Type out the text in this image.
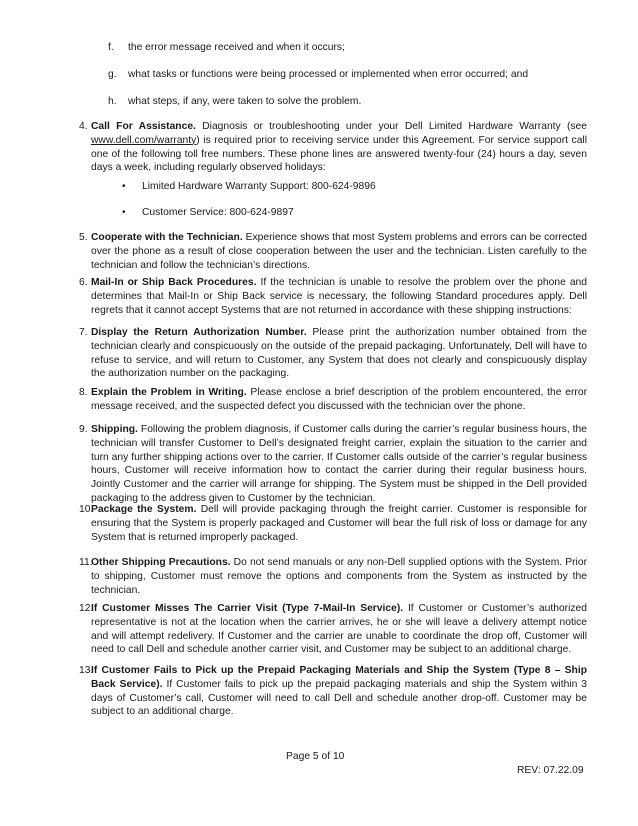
f. the error message received and when it occurs;
g. what tasks or functions were being processed or implemented when error occurred; and
h. what steps, if any, were taken to solve the problem.
4. Call For Assistance. Diagnosis or troubleshooting under your Dell Limited Hardware Warranty (see www.dell.com/warranty) is required prior to receiving service under this Agreement. For service support call one of the following toll free numbers. These phone lines are answered twenty-four (24) hours a day, seven days a week, including regularly observed holidays:
• Limited Hardware Warranty Support: 800-624-9896
• Customer Service: 800-624-9897
5. Cooperate with the Technician. Experience shows that most System problems and errors can be corrected over the phone as a result of close cooperation between the user and the technician. Listen carefully to the technician and follow the technician’s directions.
6. Mail-In or Ship Back Procedures. If the technician is unable to resolve the problem over the phone and determines that Mail-In or Ship Back service is necessary, the following Standard procedures apply. Dell regrets that it cannot accept Systems that are not returned in accordance with these shipping instructions:
7. Display the Return Authorization Number. Please print the authorization number obtained from the technician clearly and conspicuously on the outside of the prepaid packaging. Unfortunately, Dell will have to refuse to service, and will return to Customer, any System that does not clearly and conspicuously display the authorization number on the packaging.
8. Explain the Problem in Writing. Please enclose a brief description of the problem encountered, the error message received, and the suspected defect you discussed with the technician over the phone.
9. Shipping. Following the problem diagnosis, if Customer calls during the carrier’s regular business hours, the technician will transfer Customer to Dell’s designated freight carrier, explain the situation to the carrier and turn any further shipping actions over to the carrier. If Customer calls outside of the carrier’s regular business hours, Customer will receive information how to contact the carrier during their regular business hours. Jointly Customer and the carrier will arrange for shipping. The System must be shipped in the Dell provided packaging to the address given to Customer by the technician.
10.
Package the System. Dell will provide packaging through the freight carrier. Customer is responsible for ensuring that the System is properly packaged and Customer will bear the full risk of loss or damage for any System that is returned improperly packaged.
11.
Other Shipping Precautions. Do not send manuals or any non-Dell supplied options with the System. Prior to shipping, Customer must remove the options and components from the System as instructed by the technician.
12.
If Customer Misses The Carrier Visit (Type 7-Mail-In Service). If Customer or Customer’s authorized representative is not at the location when the carrier arrives, he or she will leave a delivery attempt notice and will attempt redelivery. If Customer and the carrier are unable to coordinate the drop off, Customer will need to call Dell and schedule another carrier visit, and Customer may be subject to an additional charge.
13.
If Customer Fails to Pick up the Prepaid Packaging Materials and Ship the System (Type 8 – Ship Back Service). If Customer fails to pick up the prepaid packaging materials and ship the System within 3 days of Customer’s call, Customer will need to call Dell and schedule another drop-off. Customer may be subject to an additional charge.
Page 5 of 10
REV: 07.22.09
